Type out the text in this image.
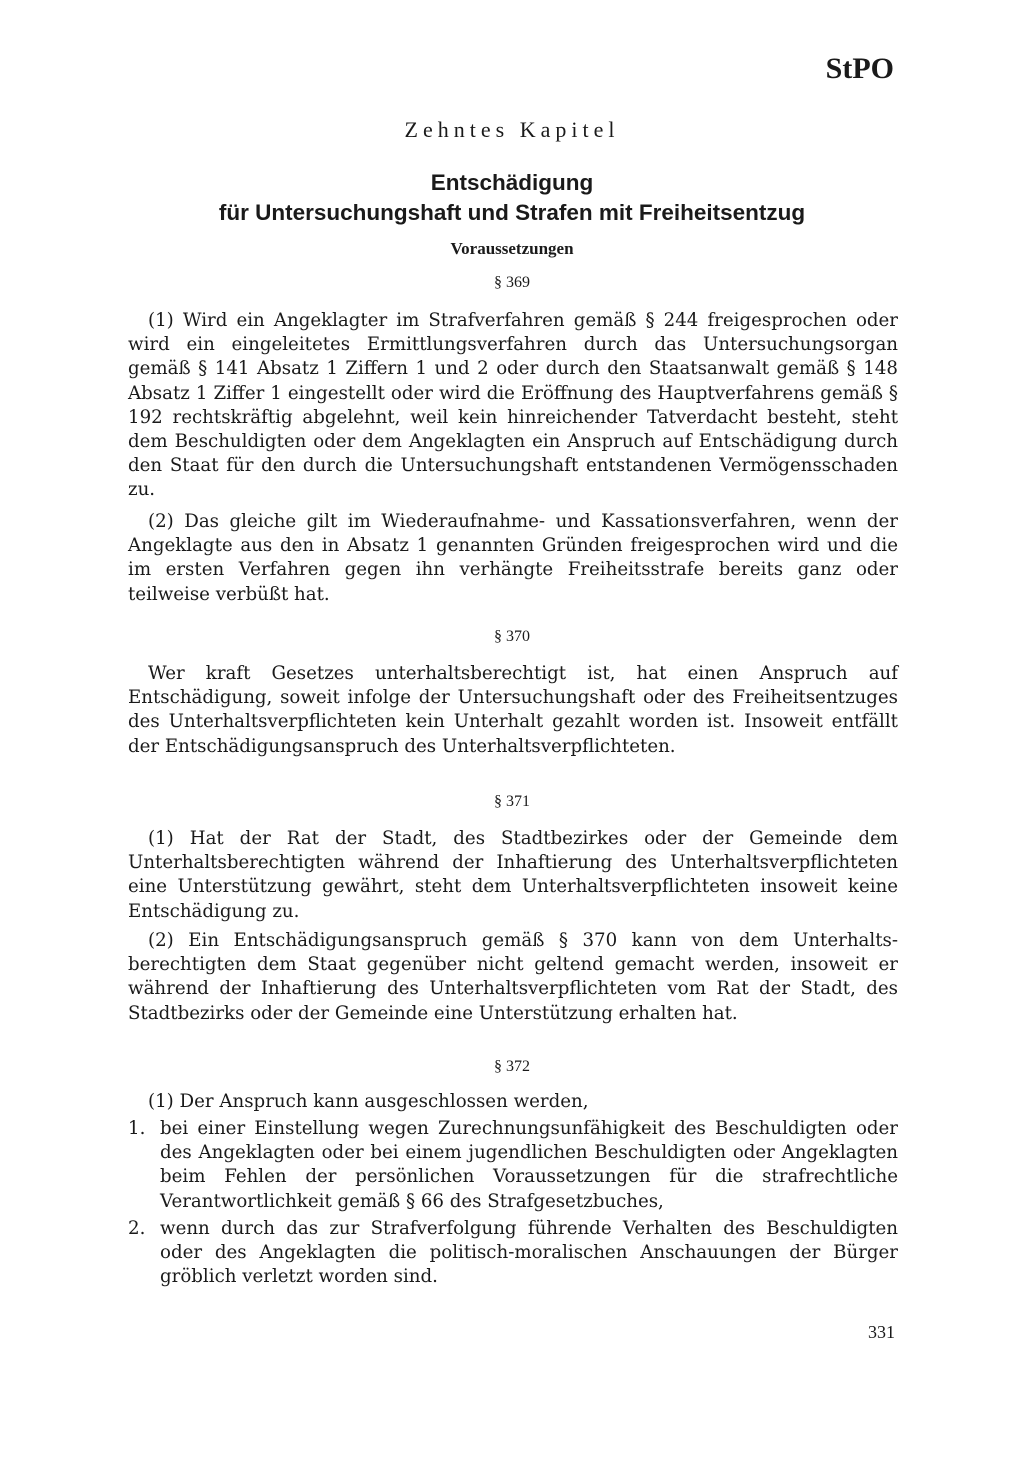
StPO
Zehntes Kapitel
Entschädigung
für Untersuchungshaft und Strafen mit Freiheitsentzug
Voraussetzungen
§ 369

(1) Wird ein Angeklagter im Strafverfahren gemäß § 244 freigesprochen oder wird ein eingeleitetes Ermittlungsverfahren durch das Untersuchungsorgan gemäß § 141 Absatz 1 Ziffern 1 und 2 oder durch den Staatsanwalt gemäß § 148 Absatz 1 Ziffer 1 eingestellt oder wird die Eröffnung des Hauptverfahrens gemäß § 192 rechtskräftig abgelehnt, weil kein hinreichender Tatverdacht besteht, steht dem Beschuldigten oder dem Angeklagten ein Anspruch auf Entschädigung durch den Staat für den durch die Untersuchungshaft entstandenen Vermögensschaden zu.

(2) Das gleiche gilt im Wiederaufnahme- und Kassationsverfahren, wenn der Angeklagte aus den in Absatz 1 genannten Gründen freigesprochen wird und die im ersten Verfahren gegen ihn verhängte Freiheitsstrafe bereits ganz oder teilweise verbüßt hat.

§ 370

Wer kraft Gesetzes unterhaltsberechtigt ist, hat einen Anspruch auf Entschädigung, soweit infolge der Untersuchungshaft oder des Freiheitsentzuges des Unterhaltsverpflichteten kein Unterhalt gezahlt worden ist. Insoweit entfällt der Entschädigungsanspruch des Unterhaltsverpflichteten.

§ 371

(1) Hat der Rat der Stadt, des Stadtbezirkes oder der Gemeinde dem Unterhaltsberechtigten während der Inhaftierung des Unterhaltsverpflichteten eine Unterstützung gewährt, steht dem Unterhaltsverpflichteten insoweit keine Entschädigung zu.

(2) Ein Entschädigungsanspruch gemäß § 370 kann von dem Unterhaltsberechtigten dem Staat gegenüber nicht geltend gemacht werden, insoweit er während der Inhaftierung des Unterhaltsverpflichteten vom Rat der Stadt, des Stadtbezirks oder der Gemeinde eine Unterstützung erhalten hat.

§ 372

(1) Der Anspruch kann ausgeschlossen werden,

1. bei einer Einstellung wegen Zurechnungsunfähigkeit des Beschuldigten oder des Angeklagten oder bei einem jugendlichen Beschuldigten oder Angeklagten beim Fehlen der persönlichen Voraussetzungen für die strafrechtliche Verantwortlichkeit gemäß § 66 des Strafgesetzbuches,

2. wenn durch das zur Strafverfolgung führende Verhalten des Beschuldigten oder des Angeklagten die politisch-moralischen Anschauungen der Bürger gröblich verletzt worden sind.

331
